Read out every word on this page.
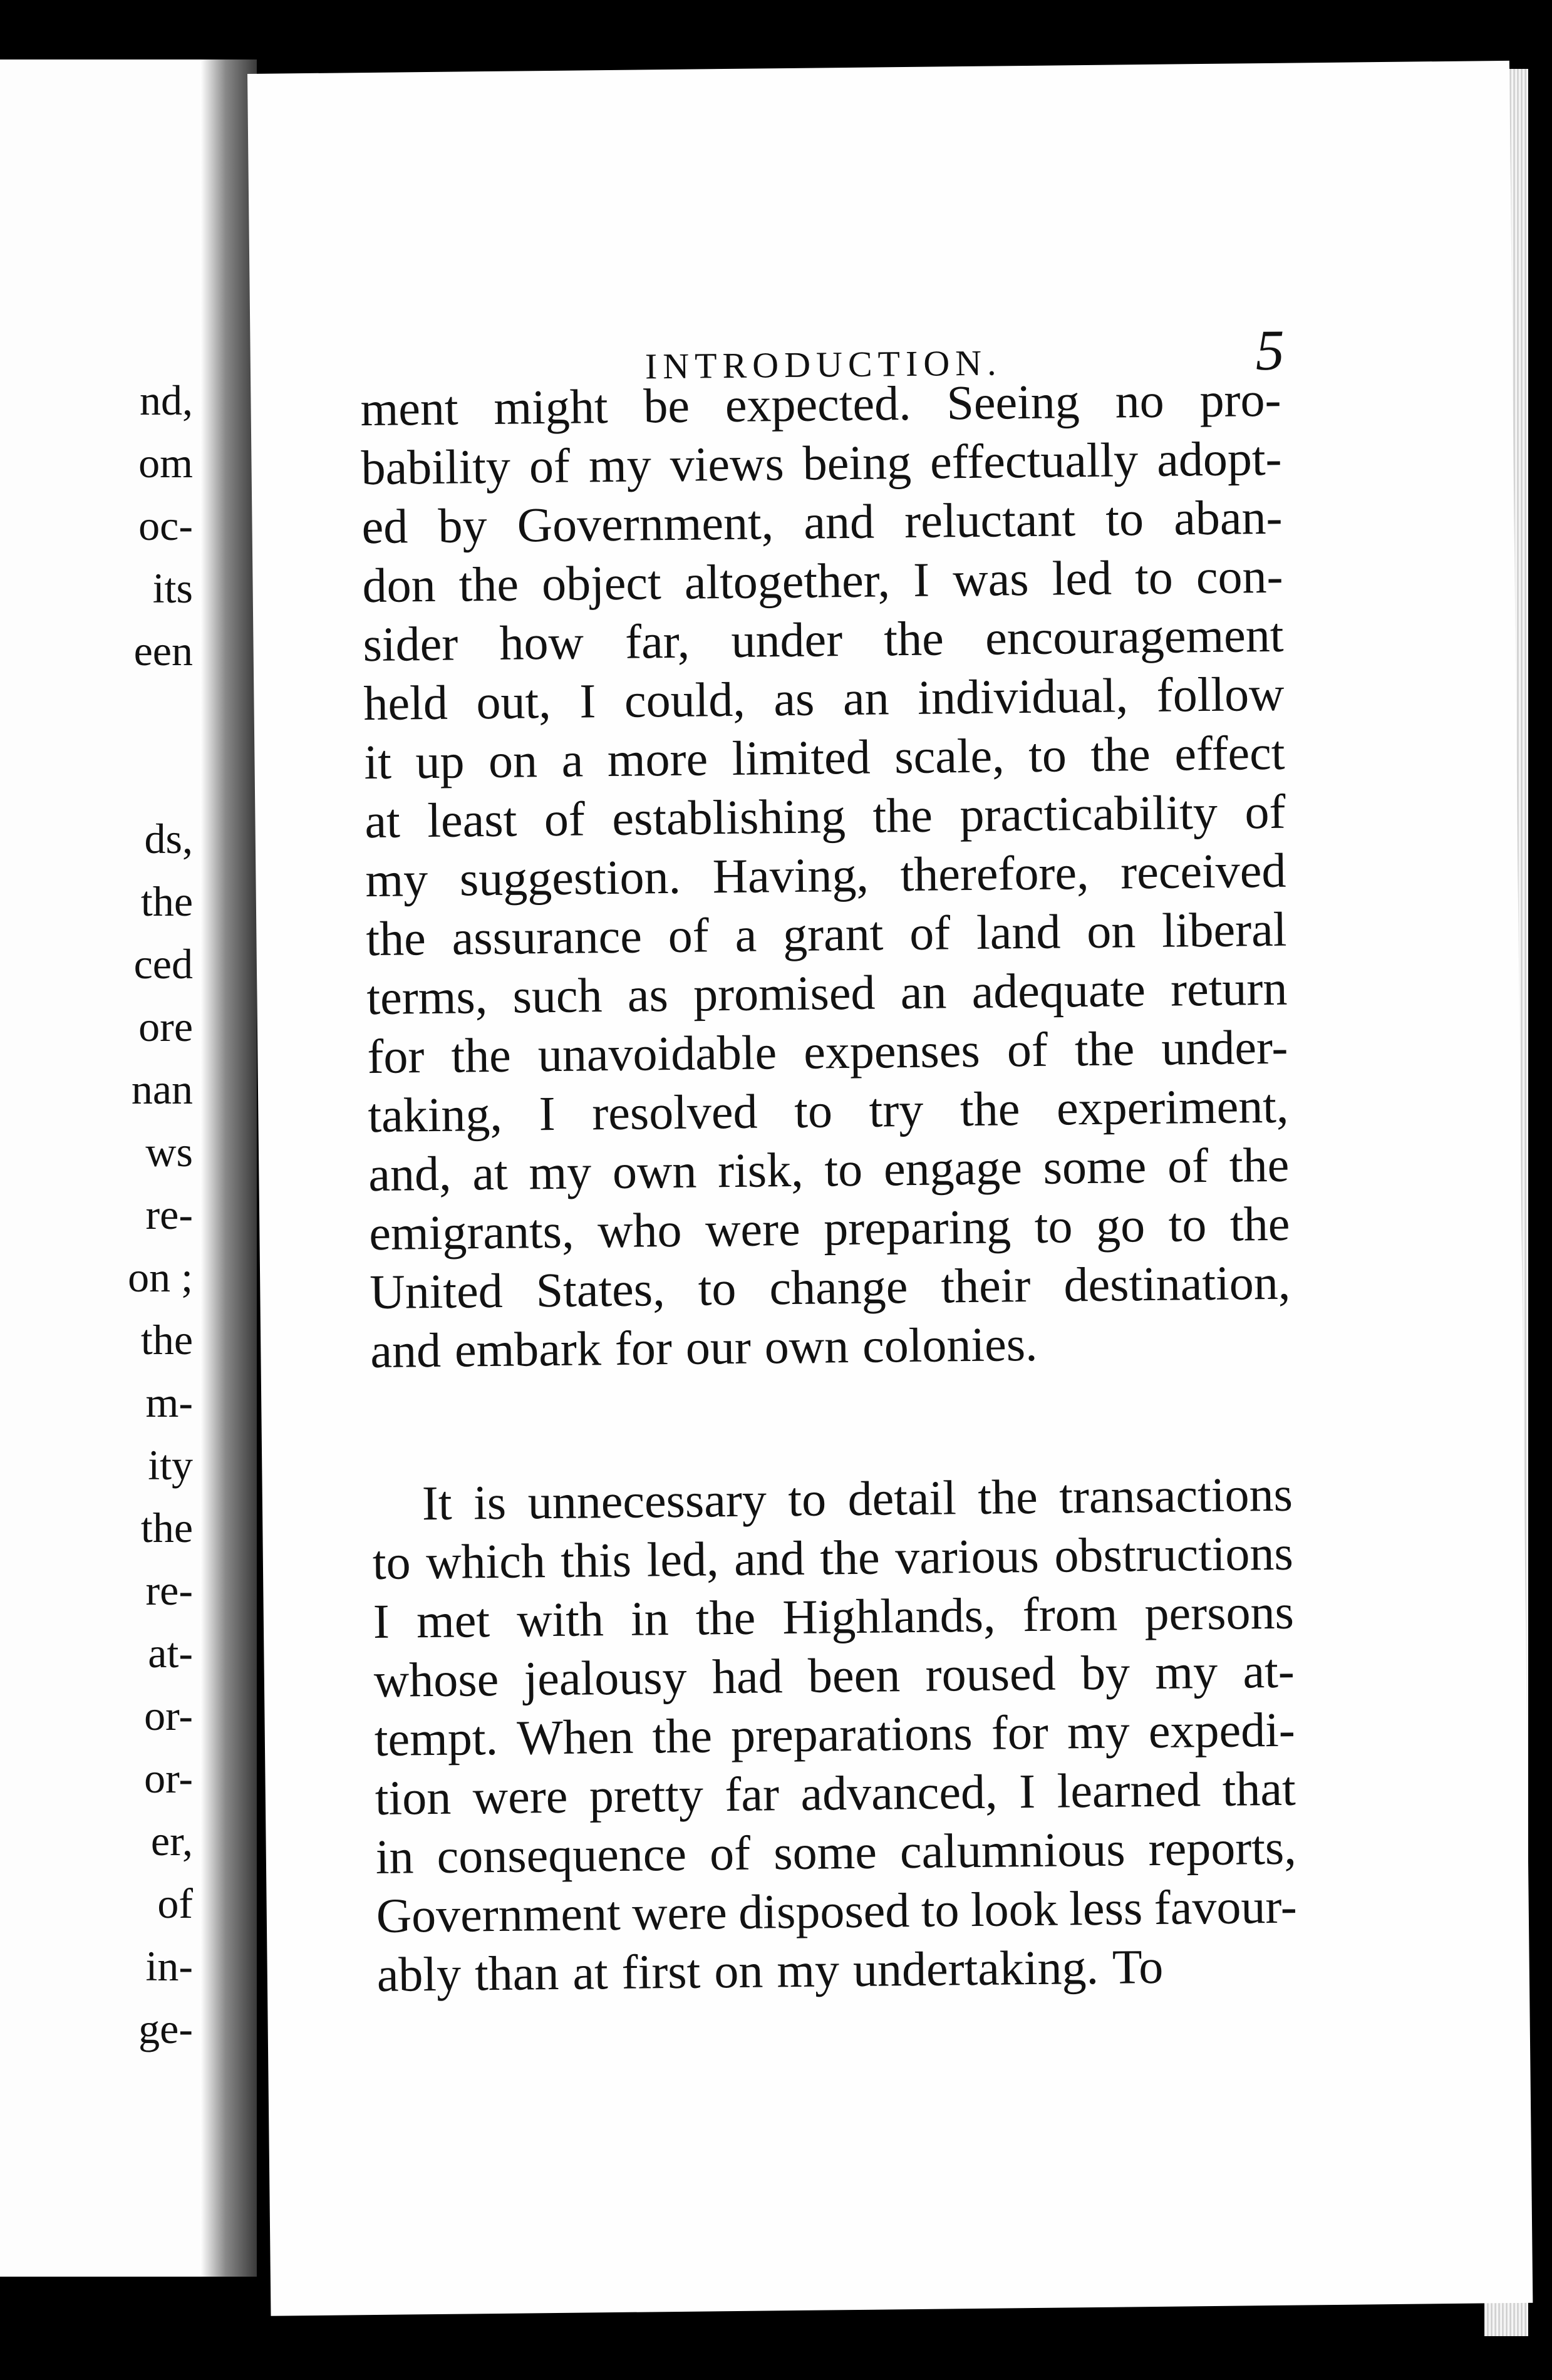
nd,
om
oc-
its
een
ds,
the
ced
ore
nan
ws
re-
on ;
the
m-
ity
the
re-
at-
or-
or-
er,
of
in-
ge-
INTRODUCTION.	5
ment might be expected. Seeing no pro-
bability of my views being effectually adopt-
ed by Government, and reluctant to aban-
don the object altogether, I was led to con-
sider how far, under the encouragement
held out, I could, as an individual, follow
it up on a more limited scale, to the effect
at least of establishing the practicability of
my suggestion. Having, therefore, received
the assurance of a grant of land on liberal
terms, such as promised an adequate return
for the unavoidable expenses of the under-
taking, I resolved to try the experiment,
and, at my own risk, to engage some of the
emigrants, who were preparing to go to the
United States, to change their destination,
and embark for our own colonies.
It is unnecessary to detail the transactions
to which this led, and the various obstructions
I met with in the Highlands, from persons
whose jealousy had been roused by my at-
tempt. When the preparations for my expedi-
tion were pretty far advanced, I learned that
in consequence of some calumnious reports,
Government were disposed to look less favour-
ably than at first on my undertaking. To
